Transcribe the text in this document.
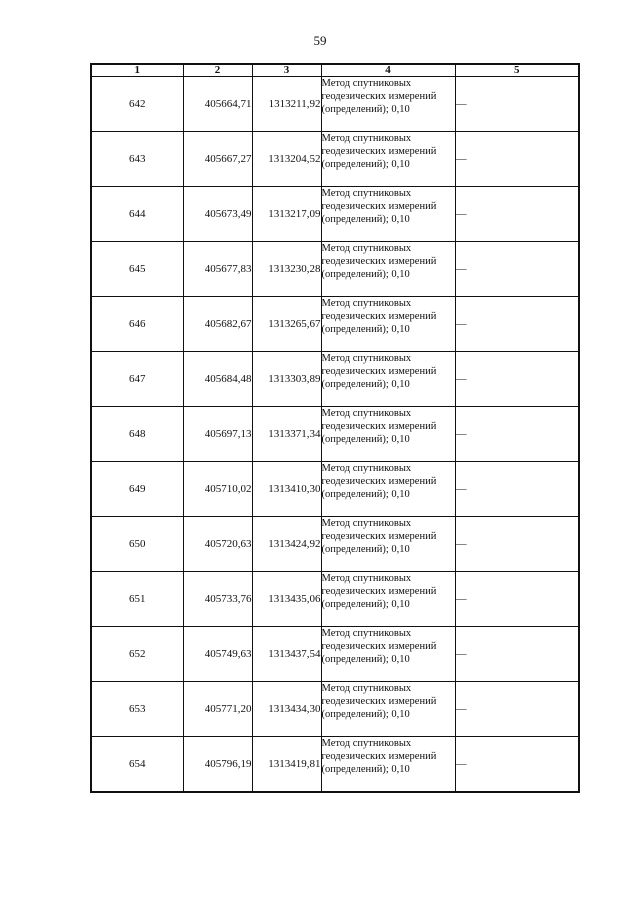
59
1	2	3	4	5
642	405664,71	1313211,92	Метод спутниковых геодезических измерений (определений); 0,10	—
643	405667,27	1313204,52	Метод спутниковых геодезических измерений (определений); 0,10	—
644	405673,49	1313217,09	Метод спутниковых геодезических измерений (определений); 0,10	—
645	405677,83	1313230,28	Метод спутниковых геодезических измерений (определений); 0,10	—
646	405682,67	1313265,67	Метод спутниковых геодезических измерений (определений); 0,10	—
647	405684,48	1313303,89	Метод спутниковых геодезических измерений (определений); 0,10	—
648	405697,13	1313371,34	Метод спутниковых геодезических измерений (определений); 0,10	—
649	405710,02	1313410,30	Метод спутниковых геодезических измерений (определений); 0,10	—
650	405720,63	1313424,92	Метод спутниковых геодезических измерений (определений); 0,10	—
651	405733,76	1313435,06	Метод спутниковых геодезических измерений (определений); 0,10	—
652	405749,63	1313437,54	Метод спутниковых геодезических измерений (определений); 0,10	—
653	405771,20	1313434,30	Метод спутниковых геодезических измерений (определений); 0,10	—
654	405796,19	1313419,81	Метод спутниковых геодезических измерений (определений); 0,10	—
